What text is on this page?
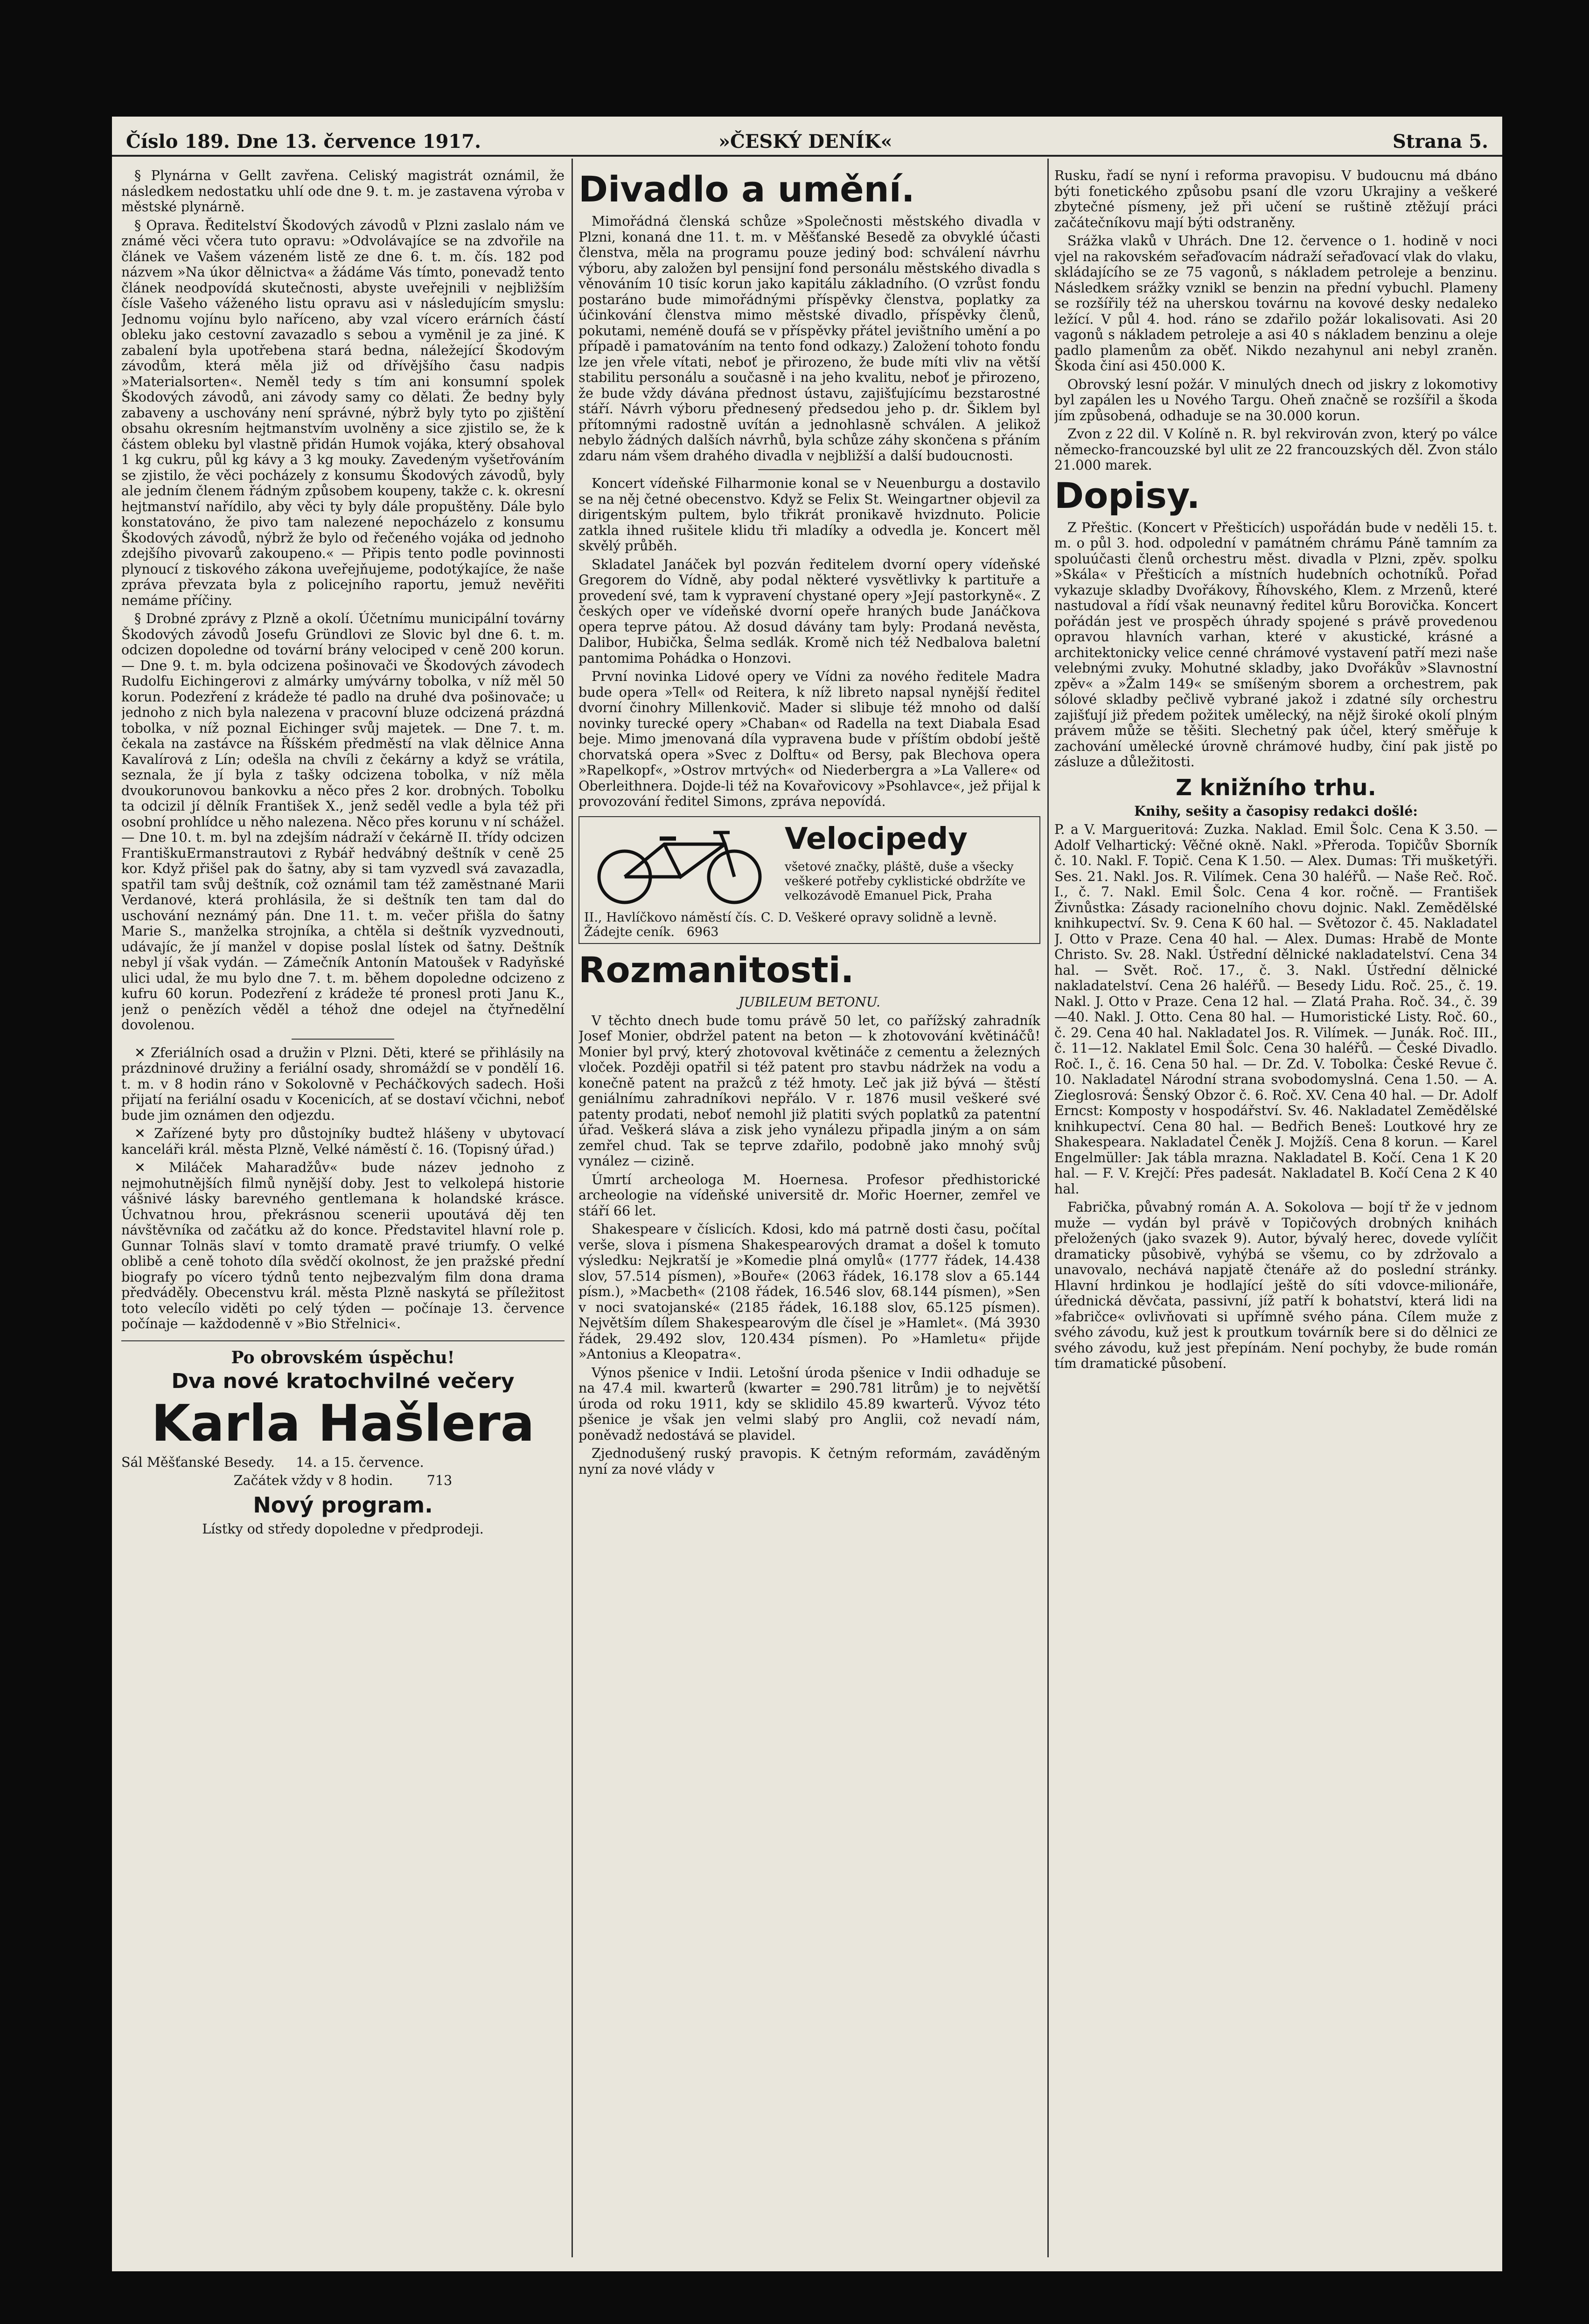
Číslo 189. Dne 13. července 1917.	»ČESKÝ DENÍK«	Strana 5.

§ Plynárna v Gellt zavřena. Celiský magistrát oznámil, že následkem nedostatku uhlí ode dne 9. t. m. je zastavena výroba v městské plynárně.

§ Oprava. Ředitelství Škodových závodů v Plzni zaslalo nám ve známé věci včera tuto opravu: »Odvolávajíce se na zdvořile na článek ve Vašem vázeném listě ze dne 6. t. m. čís. 182 pod názvem »Na úkor dělnictva« a žádáme Vás tímto, ponevadž tento článek neodpovídá skutečnosti, abyste uveřejnili v nejbližším čísle Vašeho váženého listu opravu asi v následujícím smyslu: Jednomu vojínu bylo naříceno, aby vzal vícero erárních částí obleku jako cestovní zavazadlo s sebou a vyměnil je za jiné. K zabalení byla upotřebena stará bedna, náležející Škodovým závodům, která měla již od dřívějšího času nadpis »Materialsorten«. Neměl tedy s tím ani konsumní spolek Škodových závodů, ani závody samy co dělati. Že bedny byly zabaveny a uschovány není správné, nýbrž byly tyto po zjištění obsahu okresním hejtmanstvím uvolněny a sice zjistilo se, že k částem obleku byl vlastně přidán Humok vojáka, který obsahoval 1 kg cukru, půl kg kávy a 3 kg mouky. Zavedeným vyšetřováním se zjistilo, že věci pocházely z konsumu Škodových závodů, byly ale jedním členem řádným způsobem koupeny, takže c. k. okresní hejtmanství nařídilo, aby věci ty byly dále propuštěny. Dále bylo konstatováno, že pivo tam nalezené nepocházelo z konsumu Škodových závodů, nýbrž že bylo od řečeného vojáka od jednoho zdejšího pivovarů zakoupeno.« — Připis tento podle povinnosti plynoucí z tiskového zákona uveřejňujeme, podotýkajíce, že naše zpráva převzata byla z policejního raportu, jemuž nevěřiti nemáme příčiny.

§ Drobné zprávy z Plzně a okolí. Účetnímu municipální továrny Škodových závodů Josefu Gründlovi ze Slovic byl dne 6. t. m. odcizen dopoledne od tovární brány velociped v ceně 200 korun. — Dne 9. t. m. byla odcizena pošinovači ve Škodových závodech Rudolfu Eichingerovi z almárky umývárny tobolka, v níž měl 50 korun. Podezření z krádeže té padlo na druhé dva pošinovače; u jednoho z nich byla nalezena v pracovní bluze odcizená prázdná tobolka, v níž poznal Eichinger svůj majetek. — Dne 7. t. m. čekala na zastávce na Říšském předměstí na vlak dělnice Anna Kavalírová z Lín; odešla na chvíli z čekárny a když se vrátila, seznala, že jí byla z tašky odcizena tobolka, v níž měla dvoukorunovou bankovku a něco přes 2 kor. drobných. Tobolku ta odcizil jí dělník František X., jenž seděl vedle a byla též při osobní prohlídce u něho nalezena. Něco přes korunu v ní schážel. — Dne 10. t. m. byl na zdejším nádraží v čekárně II. třídy odcizen FrantiškuErmanstrautovi z Rybář hedvábný deštník v ceně 25 kor. Když přišel pak do šatny, aby si tam vyzvedl svá zavazadla, spatřil tam svůj deštník, což oznámil tam též zaměstnané Marii Verdanové, která prohlásila, že si deštník ten tam dal do uschování neznámý pán. Dne 11. t. m. večer přišla do šatny Marie S., manželka strojníka, a chtěla si deštník vyzvednouti, udávajíc, že jí manžel v dopise poslal lístek od šatny. Deštník nebyl jí však vydán. — Zámečník Antonín Matoušek v Radyňské ulici udal, že mu bylo dne 7. t. m. během dopoledne odcizeno z kufru 60 korun. Podezření z krádeže té pronesl proti Janu K., jenž o penězích věděl a téhož dne odejel na čtyřnedělní dovolenou.

✕ Zferiálních osad a družin v Plzni. Děti, které se přihlásily na prázdninové družiny a feriální osady, shromáždí se v pondělí 16. t. m. v 8 hodin ráno v Sokolovně v Pecháčkových sadech. Hoši přijatí na feriální osadu v Kocenicích, ať se dostaví včichni, neboť bude jim oznámen den odjezdu.

✕ Zařízené byty pro důstojníky budtež hlášeny v ubytovací kanceláři král. města Plzně, Velké náměstí č. 16. (Topisný úřad.)

✕ Miláček Maharadžův« bude název jednoho z nejmohutnějších filmů nynější doby. Jest to velkolepá historie vášnivé lásky barevného gentlemana k holandské krásce. Úchvatnou hrou, překrásnou scenerii upoutává děj ten návštěvníka od začátku až do konce. Představitel hlavní role p. Gunnar Tolnäs slaví v tomto dramatě pravé triumfy. O velké oblibě a ceně tohoto díla svědčí okolnost, že jen pražské přední biografy po vícero týdnů tento nejbezvalým film dona drama předváděly. Obecenstvu král. města Plzně naskytá se příležitost toto velecílo viděti po celý týden — počínaje 13. července počínaje — každodenně v »Bio Střelnici«.

Po obrovském úspěchu!
Dva nové kratochvilné večery
Karla Hašlera

Sál Měšťanské Besedy. 14. a 15. července.

Začátek vždy v 8 hodin.	713

Nový program.

Lístky od středy dopoledne v předprodeji.

Divadlo a umění.

Mimořádná členská schůze »Společnosti městského divadla v Plzni, konaná dne 11. t. m. v Měšťanské Besedě za obvyklé účasti členstva, měla na programu pouze jediný bod: schválení návrhu výboru, aby založen byl pensijní fond personálu městského divadla s věnováním 10 tisíc korun jako kapitálu základního. (O vzrůst fondu postaráno bude mimořádnými příspěvky členstva, poplatky za účinkování členstva mimo městské divadlo, příspěvky členů, pokutami, neméně doufá se v příspěvky přátel jevištního umění a po případě i pamatováním na tento fond odkazy.) Založení tohoto fondu lze jen vřele vítati, neboť je přirozeno, že bude míti vliv na větší stabilitu personálu a současně i na jeho kvalitu, neboť je přirozeno, že bude vždy dávána přednost ústavu, zajišťujícímu bezstarostné stáří. Návrh výboru přednesený předsedou jeho p. dr. Šiklem byl přítomnými radostně uvítán a jednohlasně schválen. A jelikož nebylo žádných dalších návrhů, byla schůze záhy skončena s přáním zdaru nám všem drahého divadla v nejbližší a další budoucnosti.

Koncert vídeňské Filharmonie konal se v Neuenburgu a dostavilo se na něj četné obecenstvo. Když se Felix St. Weingartner objevil za dirigentským pultem, bylo třikrát pronikavě hvizdnuto. Policie zatkla ihned rušitele klidu tři mladíky a odvedla je. Koncert měl skvělý průběh.

Skladatel Janáček byl pozván ředitelem dvorní opery vídeňské Gregorem do Vídně, aby podal některé vysvětlivky k partituře a provedení své, tam k vypravení chystané opery »Její pastorkyně«. Z českých oper ve vídeňské dvorní opeře hraných bude Janáčkova opera teprve pátou. Až dosud dávány tam byly: Prodaná nevěsta, Dalibor, Hubička, Šelma sedlák. Kromě nich též Nedbalova baletní pantomima Pohádka o Honzovi.

První novinka Lidové opery ve Vídni za nového ředitele Madra bude opera »Tell« od Reitera, k níž libreto napsal nynější ředitel dvorní činohry Millenkovič. Mader si slibuje též mnoho od další novinky turecké opery »Chaban« od Radella na text Diabala Esad beje. Mimo jmenovaná díla vypravena bude v příštím období ještě chorvatská opera »Svec z Dolftu« od Bersy, pak Blechova opera »Rapelkopf«, »Ostrov mrtvých« od Niederbergra a »La Vallere« od Oberleithnera. Dojde-li též na Kovařovicovy »Psohlavce«, jež přijal k provozování ředitel Simons, zpráva nepovídá.

Velocipedy
všetové značky, pláště, duše a všecky veškeré potřeby cyklistické obdržíte ve velkozávodě Emanuel Pick, Praha
II., Havlíčkovo náměstí čís. C. D. Veškeré opravy solidně a levně. Žádejte ceník. 6963
Rozmanitosti.

JUBILEUM BETONU.

V těchto dnech bude tomu právě 50 let, co pařížský zahradník Josef Monier, obdržel patent na beton — k zhotovování květináčů! Monier byl prvý, který zhotovoval květináče z cementu a železných vloček. Později opatřil si též patent pro stavbu nádržek na vodu a konečně patent na pražců z též hmoty. Leč jak již bývá — štěstí geniálnímu zahradníkovi nepřálo. V r. 1876 musil veškeré své patenty prodati, neboť nemohl již platiti svých poplatků za patentní úřad. Veškerá sláva a zisk jeho vynálezu připadla jiným a on sám zemřel chud. Tak se teprve zdařilo, podobně jako mnohý svůj vynález — cizině.

Úmrtí archeologa M. Hoernesa. Profesor předhistorické archeologie na vídeňské universitě dr. Mořic Hoerner, zemřel ve stáří 66 let.

Shakespeare v číslicích. Kdosi, kdo má patrně dosti času, počítal verše, slova i písmena Shakespearových dramat a došel k tomuto výsledku: Nejkratší je »Komedie plná omylů« (1777 řádek, 14.438 slov, 57.514 písmen), »Bouře« (2063 řádek, 16.178 slov a 65.144 písm.), »Macbeth« (2108 řádek, 16.546 slov, 68.144 písmen), »Sen v noci svatojanské« (2185 řádek, 16.188 slov, 65.125 písmen). Největším dílem Shakespearovým dle čísel je »Hamlet«. (Má 3930 řádek, 29.492 slov, 120.434 písmen). Po »Hamletu« přijde »Antonius a Kleopatra«.

Výnos pšenice v Indii. Letošní úroda pšenice v Indii odhaduje se na 47.4 mil. kwarterů (kwarter = 290.781 litrům) je to největší úroda od roku 1911, kdy se sklidilo 45.89 kwarterů. Vývoz této pšenice je však jen velmi slabý pro Anglii, což nevadí nám, poněvadž nedostává se plavidel.

Zjednodušený ruský pravopis. K četným reformám, zaváděným nyní za nové vlády v

Rusku, řadí se nyní i reforma pravopisu. V budoucnu má dbáno býti fonetického způsobu psaní dle vzoru Ukrajiny a veškeré zbytečné písmeny, jež při učení se ruštině ztěžují práci začátečníkovu mají býti odstraněny.

Srážka vlaků v Uhrách. Dne 12. července o 1. hodině v noci vjel na rakovském seřaďovacím nádraží seřaďovací vlak do vlaku, skládajícího se ze 75 vagonů, s nákladem petroleje a benzinu. Následkem srážky vznikl se benzin na přední vybuchl. Plameny se rozšířily též na uherskou továrnu na kovové desky nedaleko ležící. V půl 4. hod. ráno se zdařilo požár lokalisovati. Asi 20 vagonů s nákladem petroleje a asi 40 s nákladem benzinu a oleje padlo plamenům za oběť. Nikdo nezahynul ani nebyl zraněn. Škoda činí asi 450.000 K.

Obrovský lesní požár. V minulých dnech od jiskry z lokomotivy byl zapálen les u Nového Targu. Oheň značně se rozšířil a škoda jím způsobená, odhaduje se na 30.000 korun.

Zvon z 22 dil. V Kolíně n. R. byl rekvirován zvon, který po válce německo-francouzské byl ulit ze 22 francouzských děl. Zvon stálo 21.000 marek.

Dopisy.

Z Přeštic. (Koncert v Přešticích) uspořádán bude v neděli 15. t. m. o půl 3. hod. odpolední v památném chrámu Páně tamním za spoluúčasti členů orchestru měst. divadla v Plzni, zpěv. spolku »Skála« v Přešticích a místních hudebních ochotníků. Pořad vykazuje skladby Dvořákovy, Říhovského, Klem. z Mrzenů, které nastudoval a řídí však neunavný ředitel kůru Borovička. Koncert pořádán jest ve prospěch úhrady spojené s právě provedenou opravou hlavních varhan, které v akustické, krásné a architektonicky velice cenné chrámové vystavení patří mezi naše velebnými zvuky. Mohutné skladby, jako Dvořákův »Slavnostní zpěv« a »Žalm 149« se smíšeným sborem a orchestrem, pak sólové skladby pečlivě vybrané jakož i zdatné síly orchestru zajišťují již předem požitek umělecký, na nějž široké okolí plným právem může se těšiti. Slechetný pak účel, který směřuje k zachování umělecké úrovně chrámové hudby, činí pak jistě po zásluze a důležitosti.

Z knižního trhu.

Knihy, sešity a časopisy redakci došlé:

P. a V. Margueritová: Zuzka. Naklad. Emil Šolc. Cena K 3.50. — Adolf Velhartický: Věčné okně. Nakl. »Přeroda. Topičův Sborník č. 10. Nakl. F. Topič. Cena K 1.50. — Alex. Dumas: Tři mušketýři. Ses. 21. Nakl. Jos. R. Vilímek. Cena 30 haléřů. — Naše Reč. Roč. I., č. 7. Nakl. Emil Šolc. Cena 4 kor. ročně. — František Živnůstka: Zásady racionelního chovu dojnic. Nakl. Zemědělské knihkupectví. Sv. 9. Cena K 60 hal. — Světozor č. 45. Nakladatel J. Otto v Praze. Cena 40 hal. — Alex. Dumas: Hrabě de Monte Christo. Sv. 28. Nakl. Ústřední dělnické nakladatelství. Cena 34 hal. — Svět. Roč. 17., č. 3. Nakl. Ústřední dělnické nakladatelství. Cena 26 haléřů. — Besedy Lidu. Roč. 25., č. 19. Nakl. J. Otto v Praze. Cena 12 hal. — Zlatá Praha. Roč. 34., č. 39—40. Nakl. J. Otto. Cena 80 hal. — Humoristické Listy. Roč. 60., č. 29. Cena 40 hal. Nakladatel Jos. R. Vilímek. — Junák. Roč. III., č. 11—12. Naklatel Emil Šolc. Cena 30 haléřů. — České Divadlo. Roč. I., č. 16. Cena 50 hal. — Dr. Zd. V. Tobolka: České Revue č. 10. Nakladatel Národní strana svobodomyslná. Cena 1.50. — A. Zieglosrová: Šenský Obzor č. 6. Roč. XV. Cena 40 hal. — Dr. Adolf Erncst: Komposty v hospodářství. Sv. 46. Nakladatel Zemědělské knihkupectví. Cena 80 hal. — Bedřich Beneš: Loutkové hry ze Shakespeara. Nakladatel Čeněk J. Mojžíš. Cena 8 korun. — Karel Engelmüller: Jak tábla mrazna. Nakladatel B. Kočí. Cena 1 K 20 hal. — F. V. Krejčí: Přes padesát. Nakladatel B. Kočí Cena 2 K 40 hal.

Fabrička, půvabný román A. A. Sokolova — bojí tř že v jednom muže — vydán byl právě v Topičových drobných knihách přeložených (jako svazek 9). Autor, bývalý herec, dovede vylíčit dramaticky působivě, vyhýbá se všemu, co by zdržovalo a unavovalo, nechává napjatě čtenáře až do poslední stránky. Hlavní hrdinkou je hodlající ještě do síti vdovce-milionáře, úřednická děvčata, passivní, jíž patří k bohatství, která lidi na »fabričce« ovlivňovati si upřímně svého pána. Cílem muže z svého závodu, kuž jest k proutkum továrník bere si do dělnici ze svého závodu, kuž jest přepínám. Není pochyby, že bude román tím dramatické působení.
